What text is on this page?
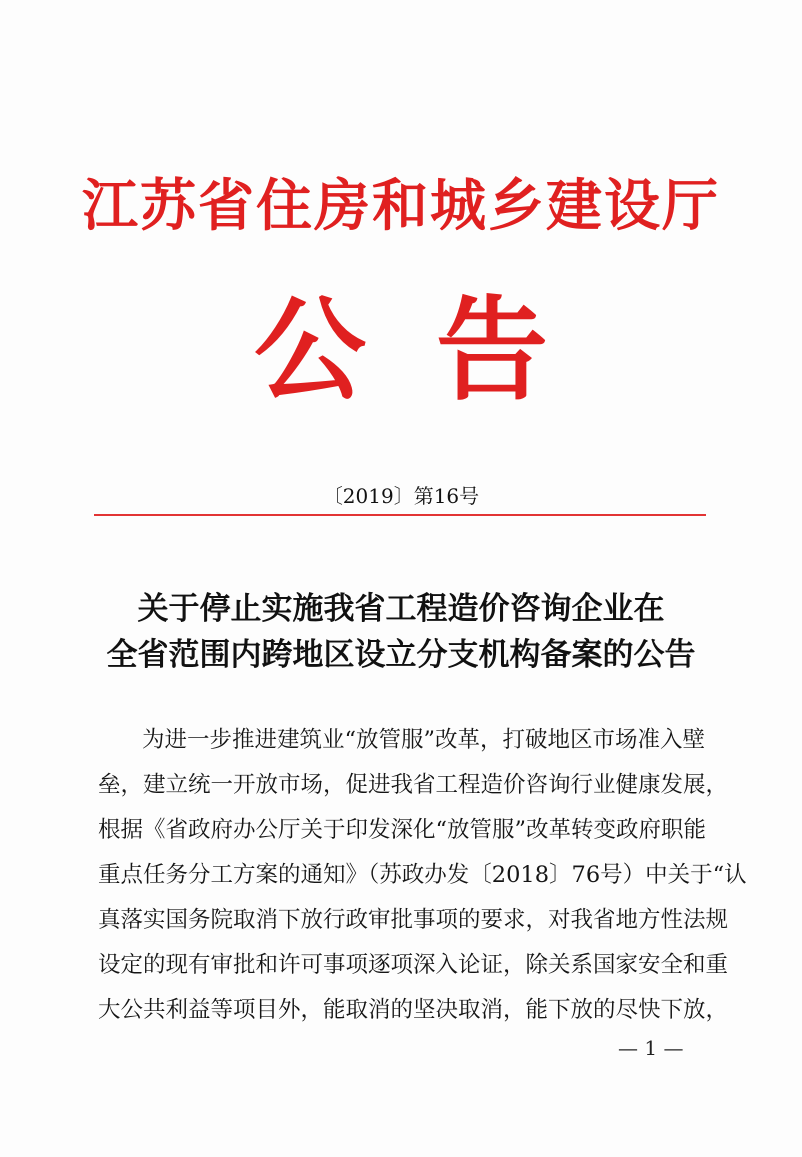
江苏省住房和城乡建设厅
公告
〔2019〕第16号
关于停止实施我省工程造价咨询企业在
全省范围内跨地区设立分支机构备案的公告
为进一步推进建筑业“放管服”改革，打破地区市场准入壁
垒，建立统一开放市场，促进我省工程造价咨询行业健康发展，
根据《省政府办公厅关于印发深化“放管服”改革转变政府职能
重点任务分工方案的通知》（苏政办发〔2018〕76号）中关于“认
真落实国务院取消下放行政审批事项的要求，对我省地方性法规
设定的现有审批和许可事项逐项深入论证，除关系国家安全和重
大公共利益等项目外，能取消的坚决取消，能下放的尽快下放，
— 1 —
